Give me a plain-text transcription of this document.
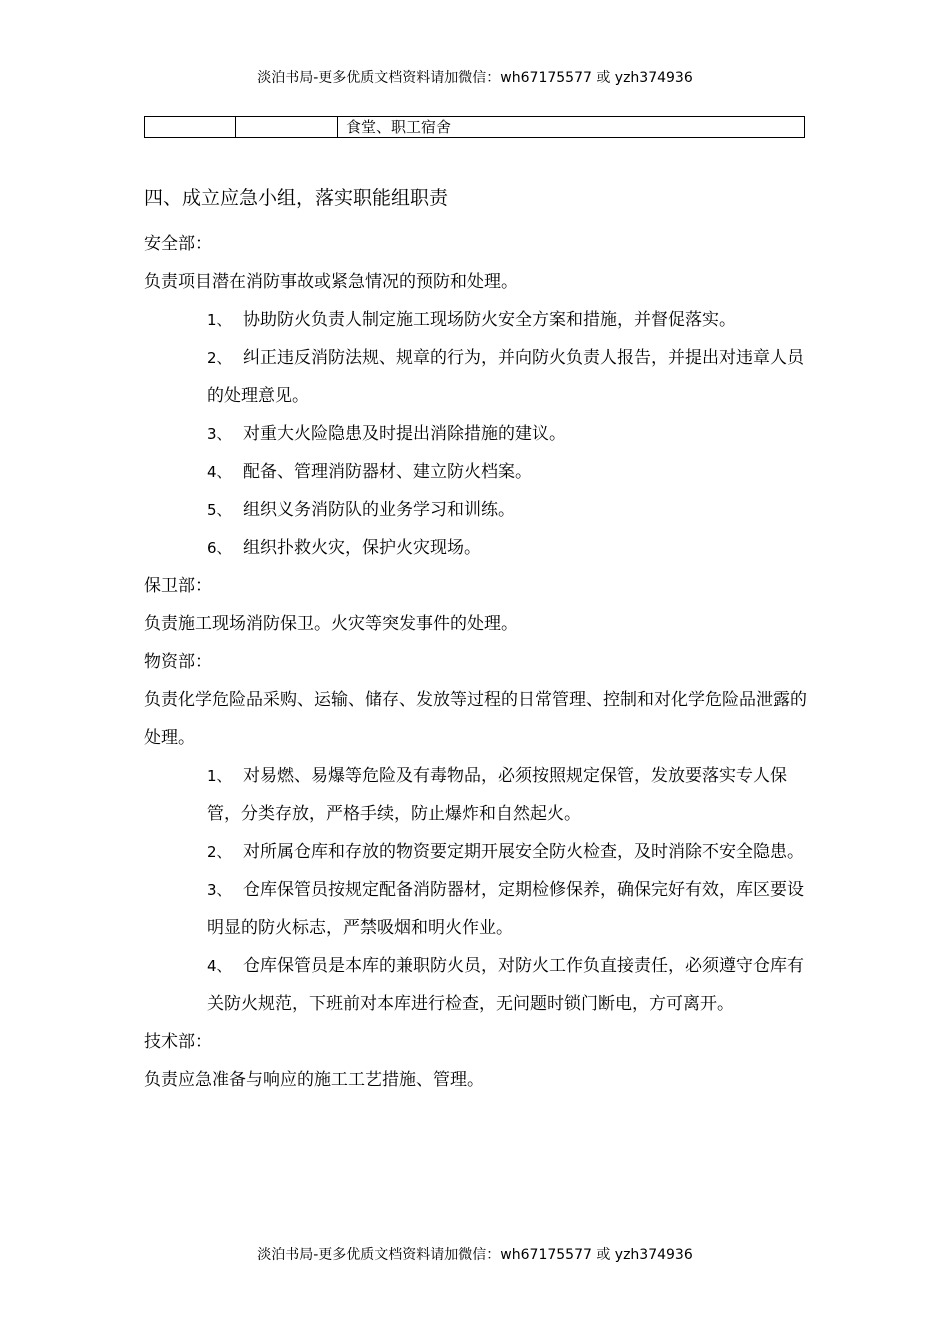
淡泊书局-更多优质文档资料请加微信：wh67175577 或 yzh374936
		食堂、职工宿舍
四、成立应急小组，落实职能组职责

安全部：

负责项目潜在消防事故或紧急情况的预防和处理。

1、 协助防火负责人制定施工现场防火安全方案和措施，并督促落实。
2、 纠正违反消防法规、规章的行为，并向防火负责人报告，并提出对违章人员的处理意见。
3、 对重大火险隐患及时提出消除措施的建议。
4、 配备、管理消防器材、建立防火档案。
5、 组织义务消防队的业务学习和训练。
6、 组织扑救火灾，保护火灾现场。

保卫部：

负责施工现场消防保卫。火灾等突发事件的处理。

物资部：

负责化学危险品采购、运输、储存、发放等过程的日常管理、控制和对化学危险品泄露的处理。

1、 对易燃、易爆等危险及有毒物品，必须按照规定保管，发放要落实专人保管，分类存放，严格手续，防止爆炸和自然起火。
2、 对所属仓库和存放的物资要定期开展安全防火检查，及时消除不安全隐患。
3、 仓库保管员按规定配备消防器材，定期检修保养，确保完好有效，库区要设明显的防火标志，严禁吸烟和明火作业。
4、 仓库保管员是本库的兼职防火员，对防火工作负直接责任，必须遵守仓库有关防火规范，下班前对本库进行检查，无问题时锁门断电，方可离开。

技术部：

负责应急准备与响应的施工工艺措施、管理。

淡泊书局-更多优质文档资料请加微信：wh67175577 或 yzh374936
